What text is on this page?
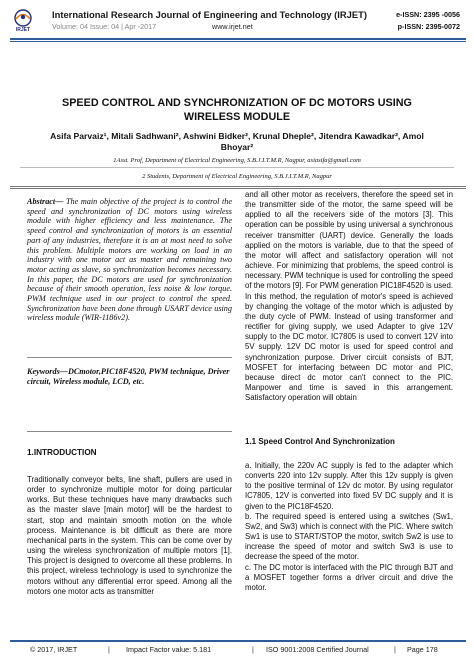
IRJET
International Research Journal of Engineering and Technology (IRJET)
Volume: 04 Issue: 04 | Apr -2017	www.irjet.net
e-ISSN: 2395 -0056
p-ISSN: 2395-0072
SPEED CONTROL AND SYNCHRONIZATION OF DC MOTORS USING
WIRELESS MODULE
Asifa Parvaiz¹, Mitali Sadhwani², Ashwini Bidker², Krunal Dheple², Jitendra Kawadkar², Amol
Bhoyar²
1Asst. Prof, Department of Electrical Engineering, S.B.J.I.T.M.R, Nagpur, asiasifa@gmail.com
2 Students, Department of Electrical Engineering, S.B.J.I.T.M.R, Nagpur
Abstract— The main objective of the project is to control the speed and synchronization of DC motors using wireless module with higher efficiency and less maintenance. The speed control and synchronization of motors is an essential part of any industries, therefore it is an at most need to solve this problem. Multiple motors are working on load in an industry with one motor act as master and remaining two motor acting as slave, so synchronization becomes necessary. In this paper, the DC motors are used for synchronization because of their smooth operation, less noise & low torque. PWM technique used in our project to control the speed. Synchronization have been done through USART device using wireless module (WIR-1186v2).
Keywords—DCmotor,PIC18F4520, PWM technique, Driver circuit, Wireless module, LCD, etc.
1.INTRODUCTION
Traditionally conveyor belts, line shaft, pullers are used in order to synchronize multiple motor for doing particular works. But these techniques have many drawbacks such as the master slave [main motor] will be the hardest to start, stop and maintain smooth motion on the whole process. Maintenance is bit difficult as there are more mechanical parts in the system. This can be come over by using the wireless synchronization of multiple motors [1]. This project is designed to overcome all these problems. In this project, wireless technology is used to synchronize the motors without any differential error speed. Among all the motors one motor acts as transmitter
and all other motor as receivers, therefore the speed set in the transmitter side of the motor, the same speed will be applied to all the receivers side of the motors [3]. This operation can be possible by using universal a synchronous receiver transmitter (UART) device. Generally the loads applied on the motors is variable, due to that the speed of the motor will affect and satisfactory operation will not achieve. For minimizing that problems, the speed control is necessary. PWM technique is used for controlling the speed of the motors [9]. For PWM generation PIC18F4520 is used. In this method, the regulation of motor's speed is achieved by changing the voltage of the motor which is adjusted by the duty cycle of PWM. Instead of using transformer and rectifier for giving supply, we used Adapter to give 12V supply to the DC motor. IC7805 is used to convert 12V into 5V supply. 12V DC motor is used for speed control and synchronization purpose. Driver circuit consists of BJT, MOSFET for interfacing between DC motor and PIC, because direct dc motor can't connect to the PIC. Manpower and time is saved in this arrangement. Satisfactory operation will obtain
1.1 Speed Control And Synchronization

a. Initially, the 220v AC supply is fed to the adapter which converts 220 into 12v supply. After this 12v supply is given to the positive terminal of 12v dc motor. By using regulator IC7805, 12V is converted into fixed 5V DC supply and it is given to the PIC18F4520.

b. The required speed is entered using a switches (Sw1, Sw2, and Sw3) which is connect with the PIC. Where switch Sw1 is use to START/STOP the motor, switch Sw2 is use to increase the speed of motor and switch Sw3 is use to decrease the speed of the motor.

c. The DC motor is interfaced with the PIC through BJT and a MOSFET together forms a driver circuit and drive the motor.

© 2017, IRJET	| Impact Factor value: 5.181	| ISO 9001:2008 Certified Journal	| Page 178
